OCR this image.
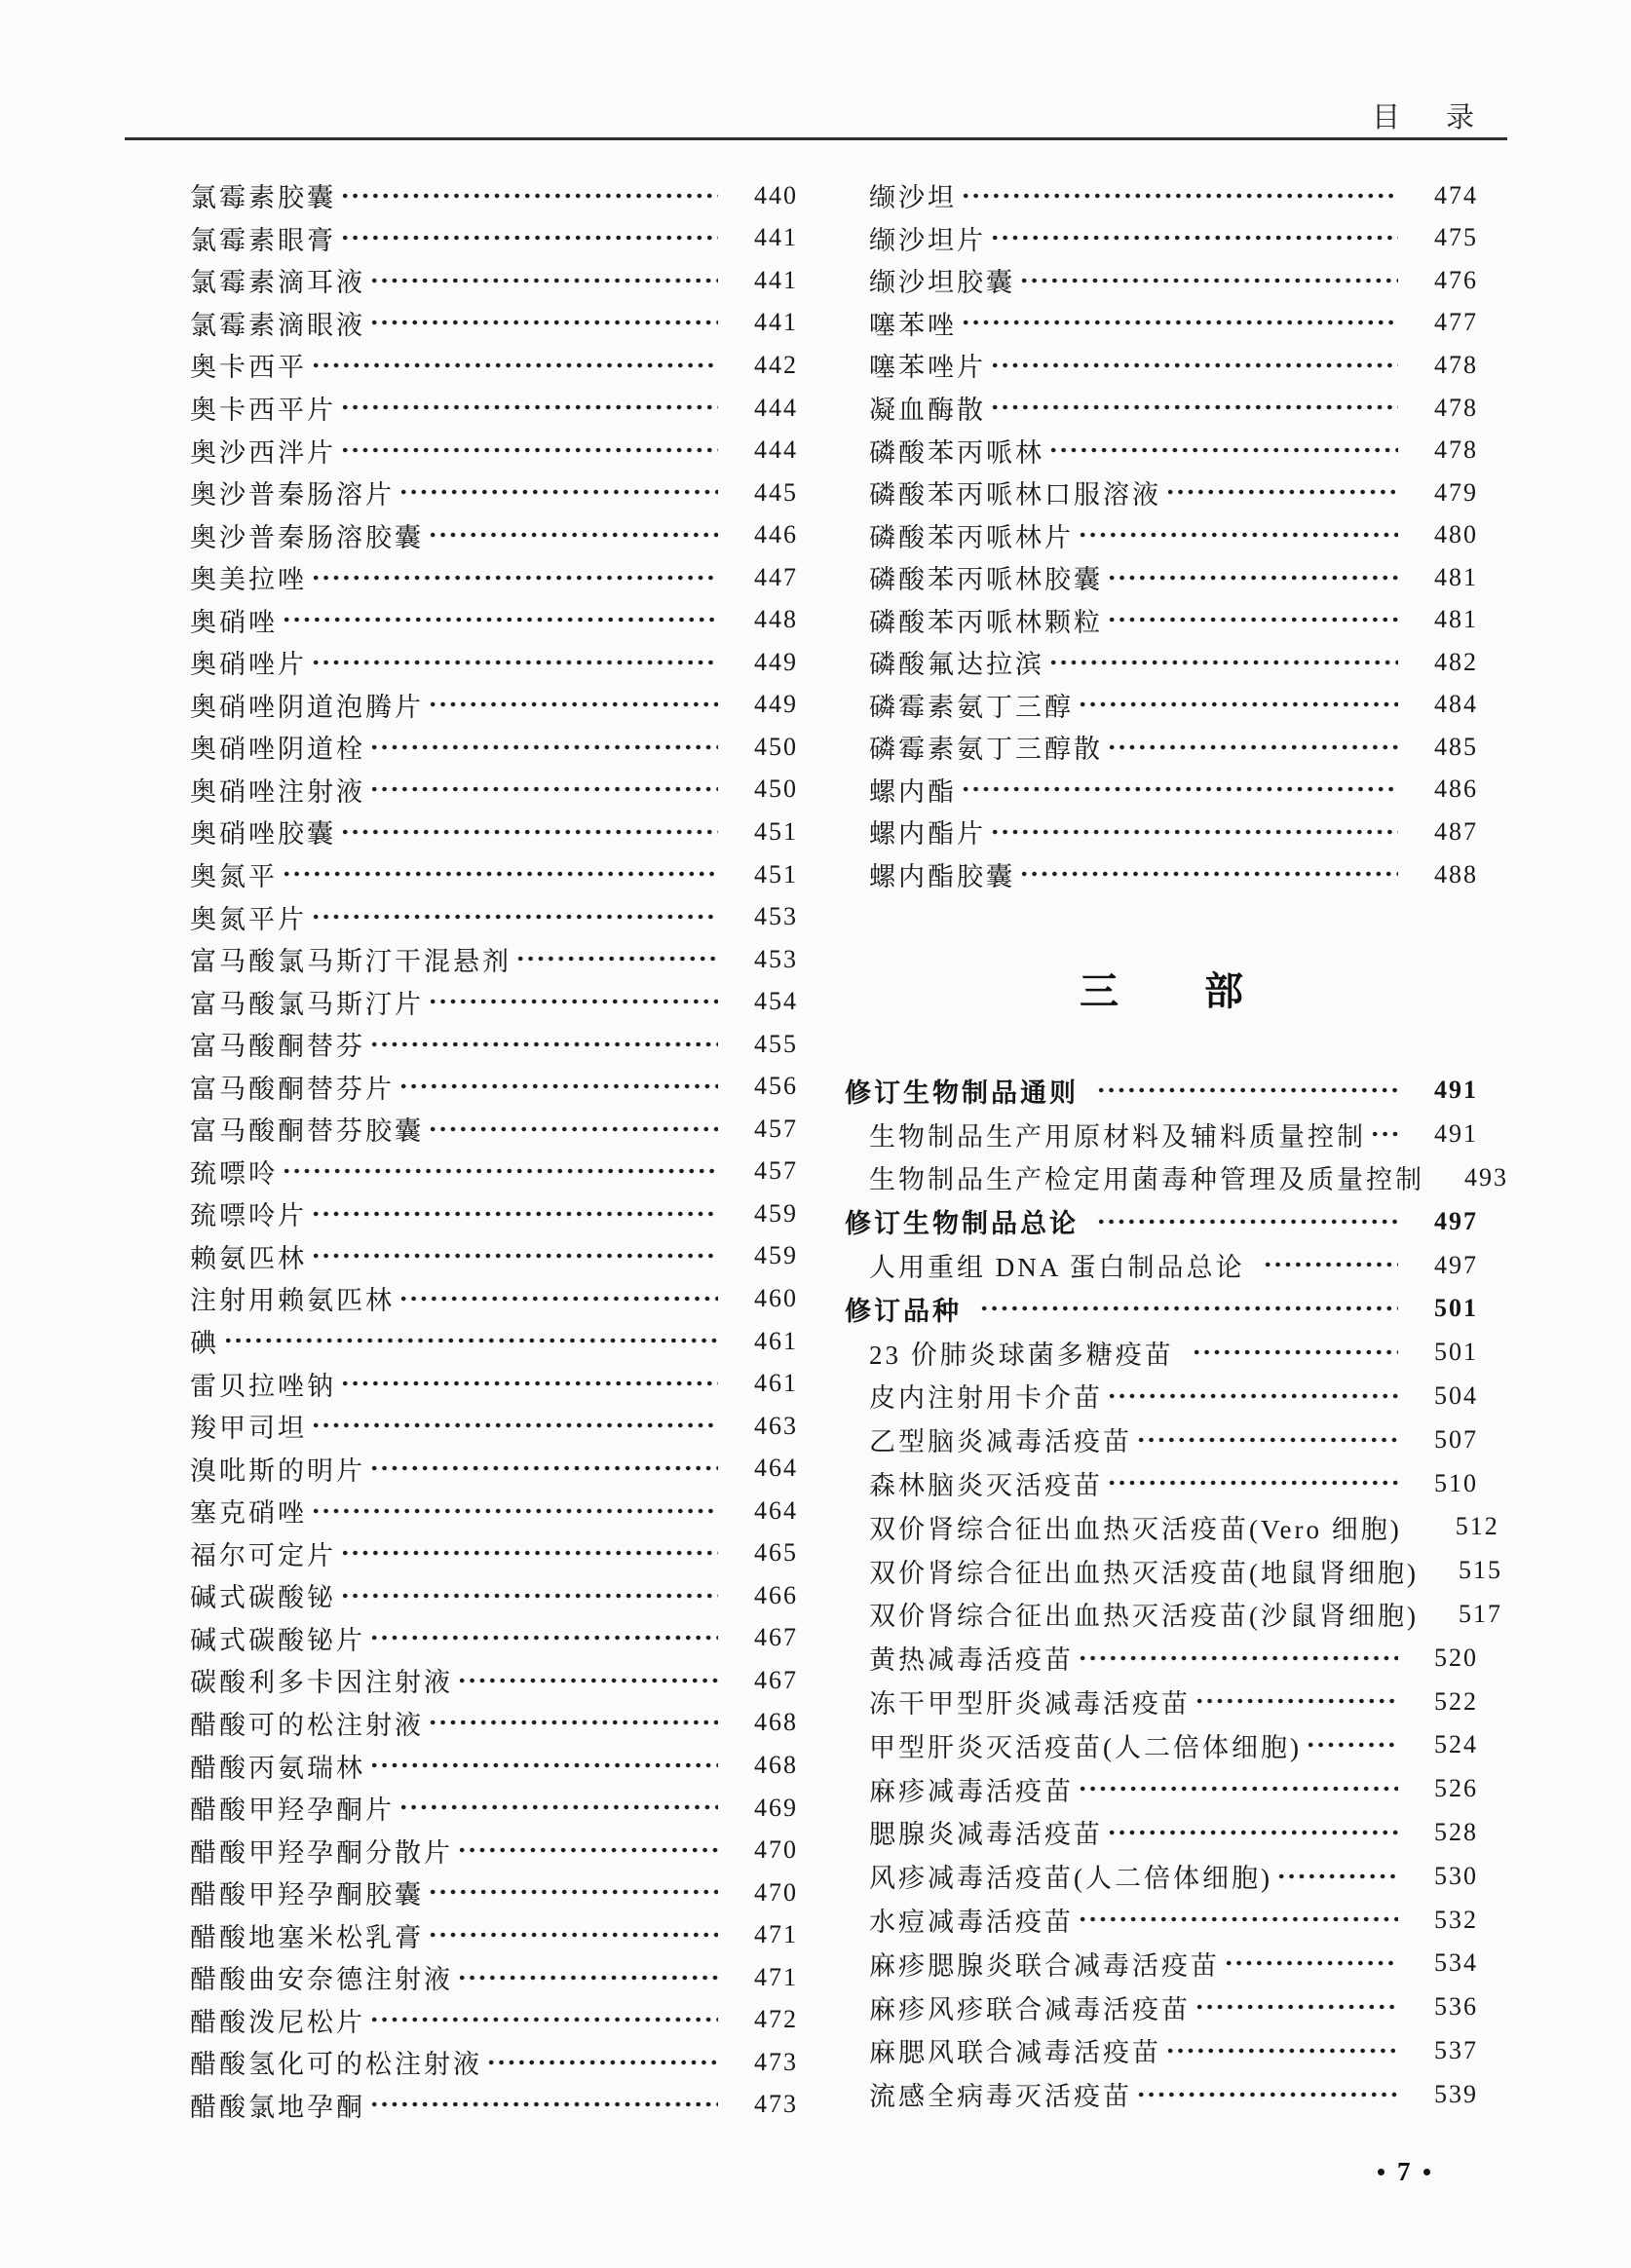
目 录
氯霉素胶囊	440
氯霉素眼膏	441
氯霉素滴耳液	441
氯霉素滴眼液	441
奥卡西平	442
奥卡西平片	444
奥沙西泮片	444
奥沙普秦肠溶片	445
奥沙普秦肠溶胶囊	446
奥美拉唑	447
奥硝唑	448
奥硝唑片	449
奥硝唑阴道泡腾片	449
奥硝唑阴道栓	450
奥硝唑注射液	450
奥硝唑胶囊	451
奥氮平	451
奥氮平片	453
富马酸氯马斯汀干混悬剂	453
富马酸氯马斯汀片	454
富马酸酮替芬	455
富马酸酮替芬片	456
富马酸酮替芬胶囊	457
巯嘌呤	457
巯嘌呤片	459
赖氨匹林	459
注射用赖氨匹林	460
碘	461
雷贝拉唑钠	461
羧甲司坦	463
溴吡斯的明片	464
塞克硝唑	464
福尔可定片	465
碱式碳酸铋	466
碱式碳酸铋片	467
碳酸利多卡因注射液	467
醋酸可的松注射液	468
醋酸丙氨瑞林	468
醋酸甲羟孕酮片	469
醋酸甲羟孕酮分散片	470
醋酸甲羟孕酮胶囊	470
醋酸地塞米松乳膏	471
醋酸曲安奈德注射液	471
醋酸泼尼松片	472
醋酸氢化可的松注射液	473
醋酸氯地孕酮	473
缬沙坦	474
缬沙坦片	475
缬沙坦胶囊	476
噻苯唑	477
噻苯唑片	478
凝血酶散	478
磷酸苯丙哌林	478
磷酸苯丙哌林口服溶液	479
磷酸苯丙哌林片	480
磷酸苯丙哌林胶囊	481
磷酸苯丙哌林颗粒	481
磷酸氟达拉滨	482
磷霉素氨丁三醇	484
磷霉素氨丁三醇散	485
螺内酯	486
螺内酯片	487
螺内酯胶囊	488
三 部
修订生物制品通则	491
生物制品生产用原材料及辅料质量控制	491
生物制品生产检定用菌毒种管理及质量控制	493
修订生物制品总论	497
人用重组 DNA 蛋白制品总论	497
修订品种	501
23 价肺炎球菌多糖疫苗	501
皮内注射用卡介苗	504
乙型脑炎减毒活疫苗	507
森林脑炎灭活疫苗	510
双价肾综合征出血热灭活疫苗(Vero 细胞)	512
双价肾综合征出血热灭活疫苗(地鼠肾细胞)	515
双价肾综合征出血热灭活疫苗(沙鼠肾细胞)	517
黄热减毒活疫苗	520
冻干甲型肝炎减毒活疫苗	522
甲型肝炎灭活疫苗(人二倍体细胞)	524
麻疹减毒活疫苗	526
腮腺炎减毒活疫苗	528
风疹减毒活疫苗(人二倍体细胞)	530
水痘减毒活疫苗	532
麻疹腮腺炎联合减毒活疫苗	534
麻疹风疹联合减毒活疫苗	536
麻腮风联合减毒活疫苗	537
流感全病毒灭活疫苗	539
7
